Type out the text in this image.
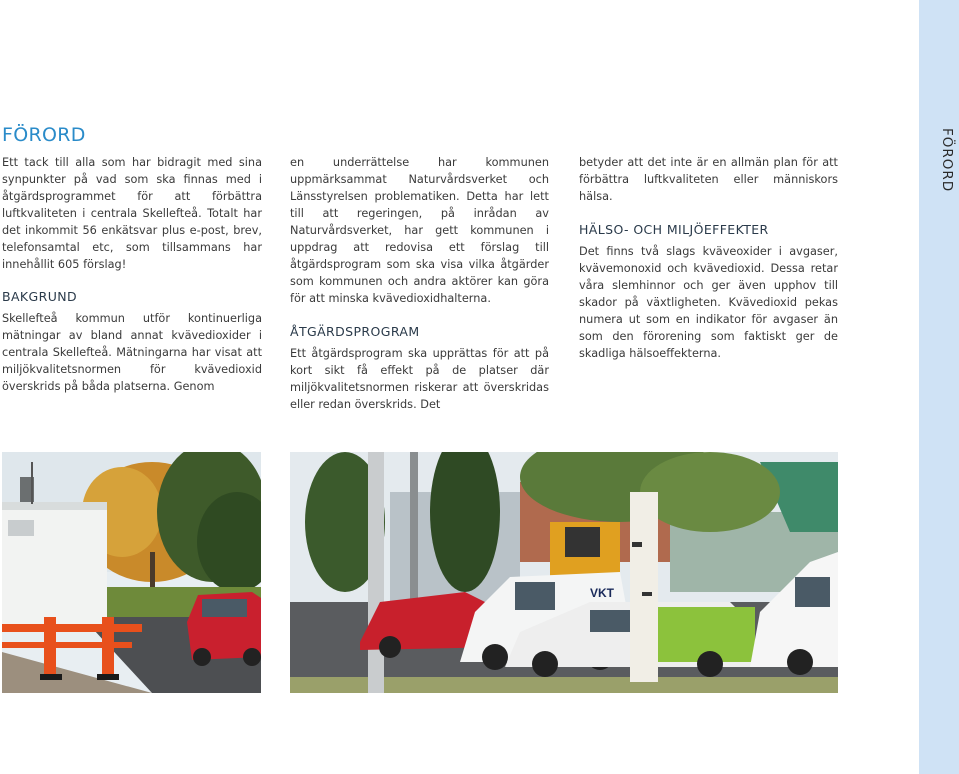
FÖRORD
FÖRORD

Ett tack till alla som har bidragit med sina synpunkter på vad som ska finnas med i åtgärdsprogrammet för att förbättra luftkvaliteten i centrala Skellefteå. Totalt har det inkommit 56 enkätsvar plus e-post, brev, telefonsamtal etc, som tillsammans har innehållit 605 förslag!

BAKGRUND

Skellefteå kommun utför kontinuerliga mätningar av bland annat kvävedioxider i centrala Skellefteå. Mätningarna har visat att miljökvalitetsnormen för kvävedioxid överskrids på båda platserna. Genom

en underrättelse har kommunen uppmärksammat Naturvårdsverket och Länsstyrelsen problematiken. Detta har lett till att regeringen, på inrådan av Naturvårdsverket, har gett kommunen i uppdrag att redovisa ett förslag till åtgärdsprogram som ska visa vilka åtgärder som kommunen och andra aktörer kan göra för att minska kvävedioxidhalterna.

ÅTGÄRDSPROGRAM

Ett åtgärdsprogram ska upprättas för att på kort sikt få effekt på de platser där miljökvalitetsnormen riskerar att överskridas eller redan överskrids. Det

betyder att det inte är en allmän plan för att förbättra luftkvaliteten eller människors hälsa.

HÄLSO- OCH MILJÖEFFEKTER

Det finns två slags kväveoxider i avgaser, kvävemonoxid och kvävedioxid. Dessa retar våra slemhinnor och ger även upphov till skador på växtligheten. Kvävedioxid pekas numera ut som en indikator för avgaser än som den förorening som faktiskt ger de skadliga hälsoeffekterna.

VKT
